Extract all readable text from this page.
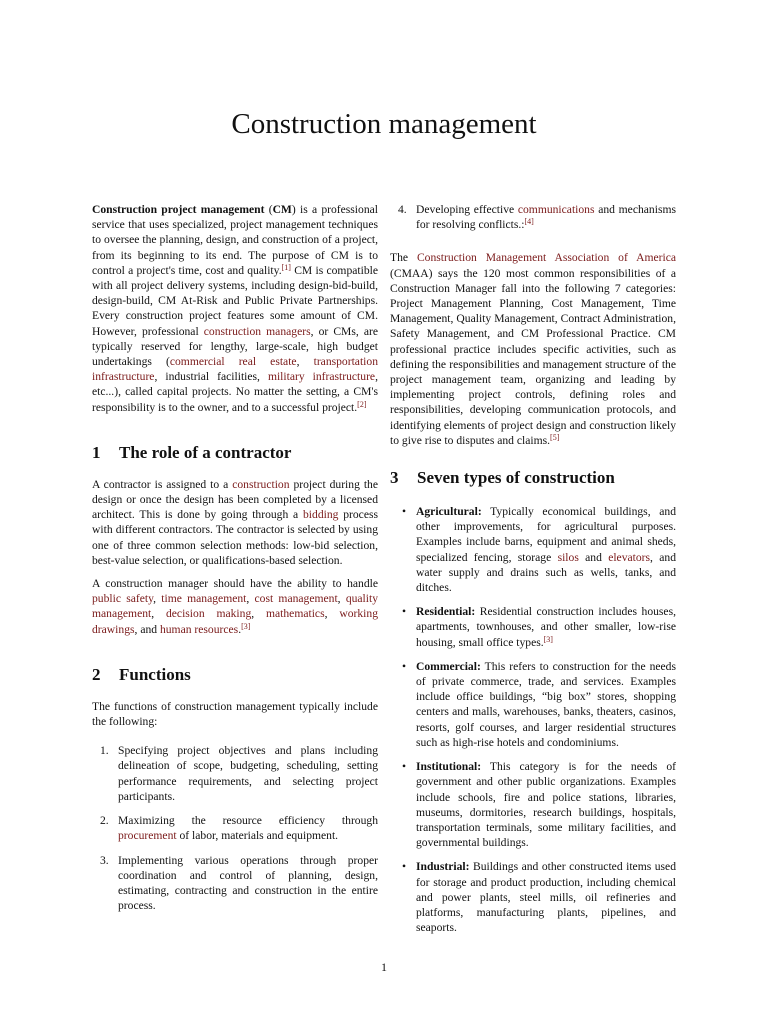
Construction management

Construction project management (CM) is a professional service that uses specialized, project management techniques to oversee the planning, design, and construction of a project, from its beginning to its end. The purpose of CM is to control a project's time, cost and quality.[1] CM is compatible with all project delivery systems, including design-bid-build, design-build, CM At-Risk and Public Private Partnerships. Every construction project features some amount of CM. However, professional construction managers, or CMs, are typically reserved for lengthy, large-scale, high budget undertakings (commercial real estate, transportation infrastructure, industrial facilities, military infrastructure, etc...), called capital projects. No matter the setting, a CM's responsibility is to the owner, and to a successful project.[2]

1 The role of a contractor

A contractor is assigned to a construction project during the design or once the design has been completed by a licensed architect. This is done by going through a bidding process with different contractors. The contractor is selected by using one of three common selection methods: low-bid selection, best-value selection, or qualifications-based selection.

A construction manager should have the ability to handle public safety, time management, cost management, quality management, decision making, mathematics, working drawings, and human resources.[3]

2 Functions

The functions of construction management typically include the following:

1. Specifying project objectives and plans including delineation of scope, budgeting, scheduling, setting performance requirements, and selecting project participants.
2. Maximizing the resource efficiency through procurement of labor, materials and equipment.
3. Implementing various operations through proper coordination and control of planning, design, estimating, contracting and construction in the entire process.
4. Developing effective communications and mechanisms for resolving conflicts.:[4]

The Construction Management Association of America (CMAA) says the 120 most common responsibilities of a Construction Manager fall into the following 7 categories: Project Management Planning, Cost Management, Time Management, Quality Management, Contract Administration, Safety Management, and CM Professional Practice. CM professional practice includes specific activities, such as defining the responsibilities and management structure of the project management team, organizing and leading by implementing project controls, defining roles and responsibilities, developing communication protocols, and identifying elements of project design and construction likely to give rise to disputes and claims.[5]

3 Seven types of construction
• Agricultural: Typically economical buildings, and other improvements, for agricultural purposes. Examples include barns, equipment and animal sheds, specialized fencing, storage silos and elevators, and water supply and drains such as wells, tanks, and ditches.
• Residential: Residential construction includes houses, apartments, townhouses, and other smaller, low-rise housing, small office types.[3]
• Commercial: This refers to construction for the needs of private commerce, trade, and services. Examples include office buildings, “big box” stores, shopping centers and malls, warehouses, banks, theaters, casinos, resorts, golf courses, and larger residential structures such as high-rise hotels and condominiums.
• Institutional: This category is for the needs of government and other public organizations. Examples include schools, fire and police stations, libraries, museums, dormitories, research buildings, hospitals, transportation terminals, some military facilities, and governmental buildings.
• Industrial: Buildings and other constructed items used for storage and product production, including chemical and power plants, steel mills, oil refineries and platforms, manufacturing plants, pipelines, and seaports.
1
